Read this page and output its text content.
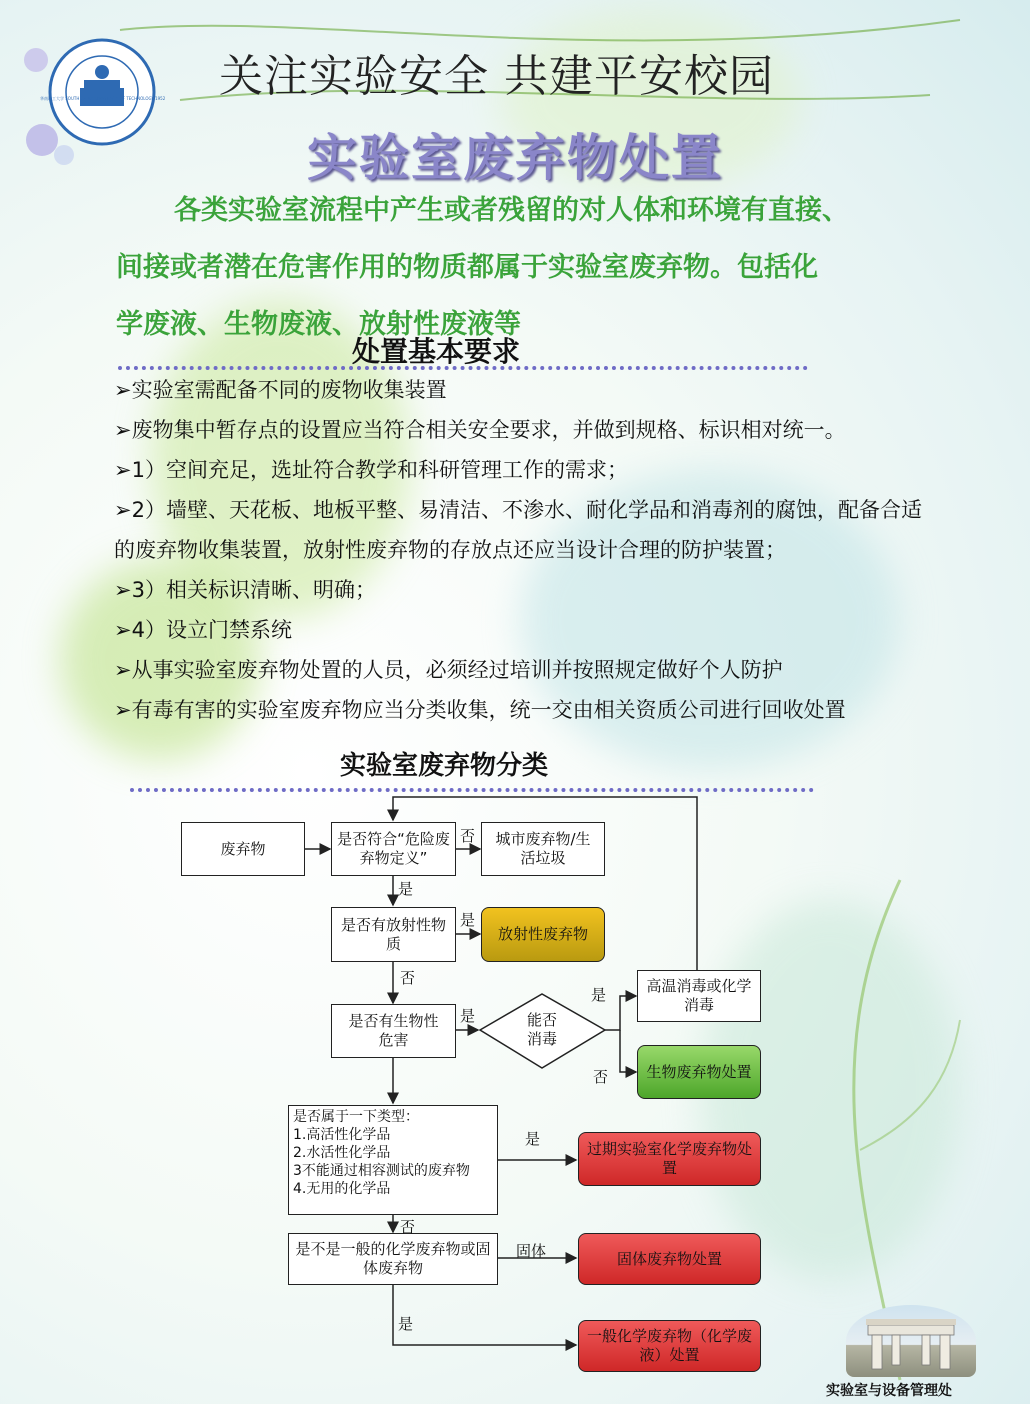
华南理工大学 SOUTH CHINA UNIVERSITY OF TECHNOLOGY 1952	关注实验安全 共建平安校园
实验室废弃物处置
各类实验室流程中产生或者残留的对人体和环境有直接、
间接或者潜在危害作用的物质都属于实验室废弃物。包括化
学废液、生物废液、放射性废液等
处置基本要求
➢实验室需配备不同的废物收集装置
➢废物集中暂存点的设置应当符合相关安全要求，并做到规格、标识相对统一。
➢1）空间充足，选址符合教学和科研管理工作的需求；
➢2）墙壁、天花板、地板平整、易清洁、不渗水、耐化学品和消毒剂的腐蚀，配备合适的废弃物收集装置，放射性废弃物的存放点还应当设计合理的防护装置；
➢3）相关标识清晰、明确；
➢4）设立门禁系统
➢从事实验室废弃物处置的人员，必须经过培训并按照规定做好个人防护
➢有毒有害的实验室废弃物应当分类收集，统一交由相关资质公司进行回收处置
实验室废弃物分类
废弃物
是否符合“危险废弃物定义”
城市废弃物/生活垃圾
是否有放射性物质
放射性废弃物
是否有生物性危害
能否消毒
高温消毒或化学消毒
生物废弃物处置
是否属于一下类型：
1.高活性化学品
2.水活性化学品
3不能通过相容测试的废弃物
4.无用的化学品
过期实验室化学废弃物处置
是不是一般的化学废弃物或固体废弃物
固体废弃物处置
一般化学废弃物（化学废液）处置
否
是
是
否
是
是
否
是
否
固体
是
实验室与设备管理处
